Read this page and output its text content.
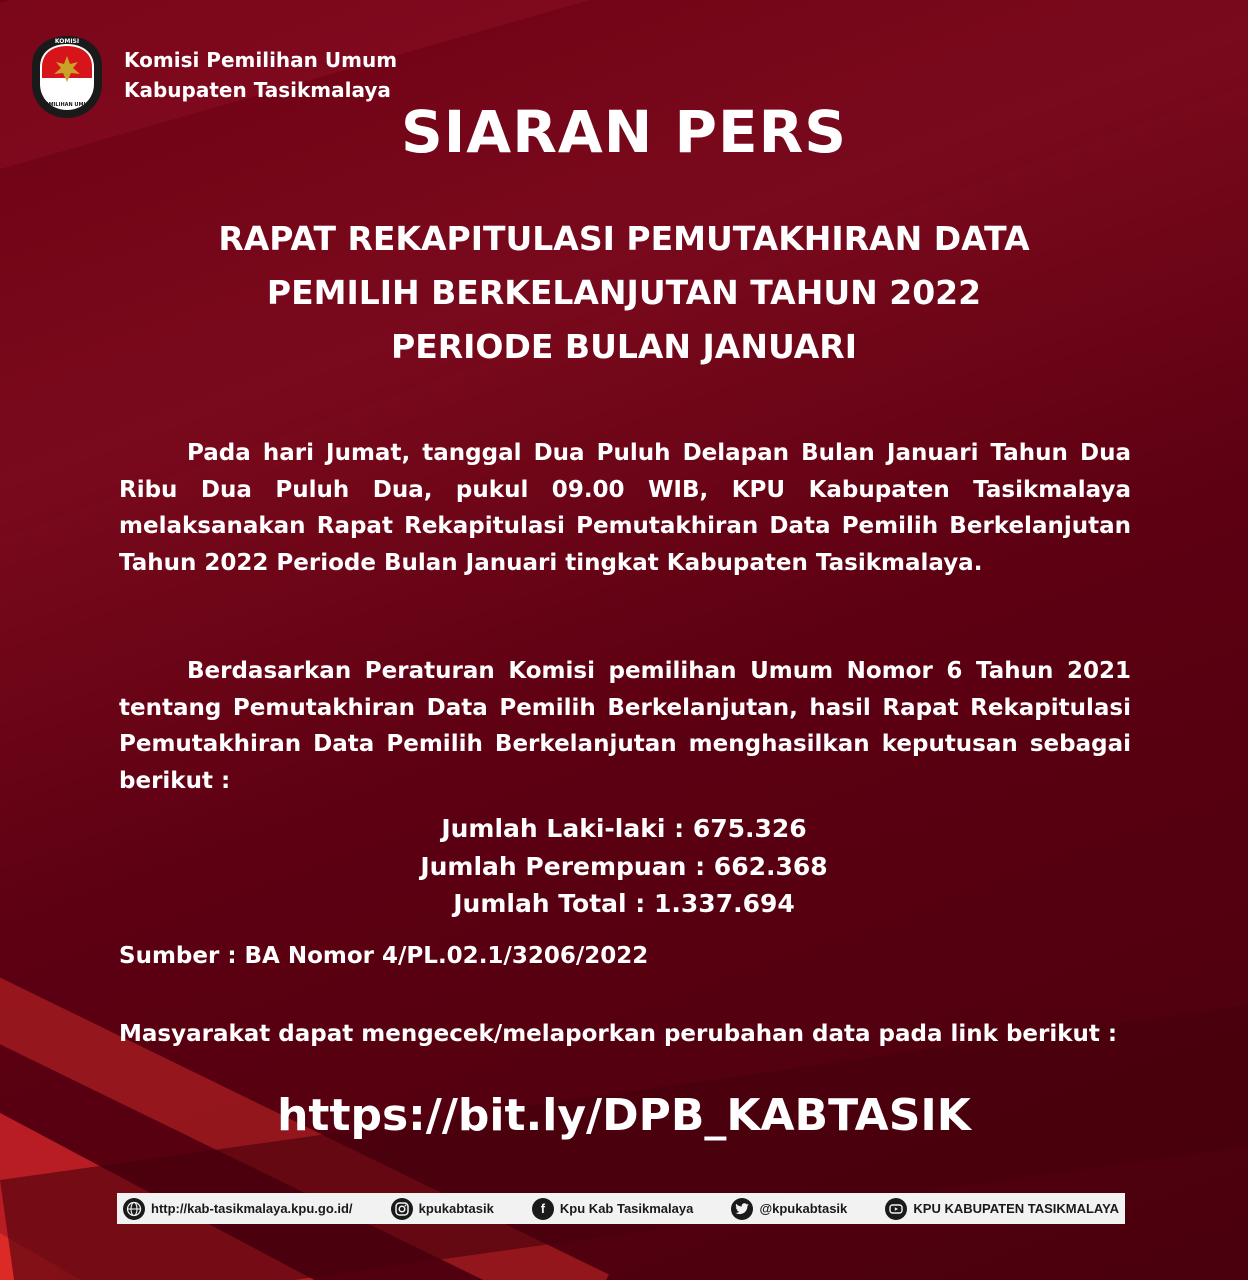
KOMISI
PEMILIHAN UMUM
Komisi Pemilihan Umum
Kabupaten Tasikmalaya
SIARAN PERS
RAPAT REKAPITULASI PEMUTAKHIRAN DATA
PEMILIH BERKELANJUTAN TAHUN 2022
PERIODE BULAN JANUARI
Pada hari Jumat, tanggal Dua Puluh Delapan Bulan Januari Tahun Dua Ribu Dua Puluh Dua, pukul 09.00 WIB, KPU Kabupaten Tasikmalaya melaksanakan Rapat Rekapitulasi Pemutakhiran Data Pemilih Berkelanjutan Tahun 2022 Periode Bulan Januari tingkat Kabupaten Tasikmalaya.
Berdasarkan Peraturan Komisi pemilihan Umum Nomor 6 Tahun 2021 tentang Pemutakhiran Data Pemilih Berkelanjutan, hasil Rapat Rekapitulasi Pemutakhiran Data Pemilih Berkelanjutan menghasilkan keputusan sebagai berikut :
Jumlah Laki-laki : 675.326
Jumlah Perempuan : 662.368
Jumlah Total : 1.337.694
Sumber : BA Nomor 4/PL.02.1/3206/2022
Masyarakat dapat mengecek/melaporkan perubahan data pada link berikut :
https://bit.ly/DPB_KABTASIK
http://kab-tasikmalaya.kpu.go.id/	kpukabtasik	f	Kpu Kab Tasikmalaya	@kpukabtasik	KPU KABUPATEN TASIKMALAYA
